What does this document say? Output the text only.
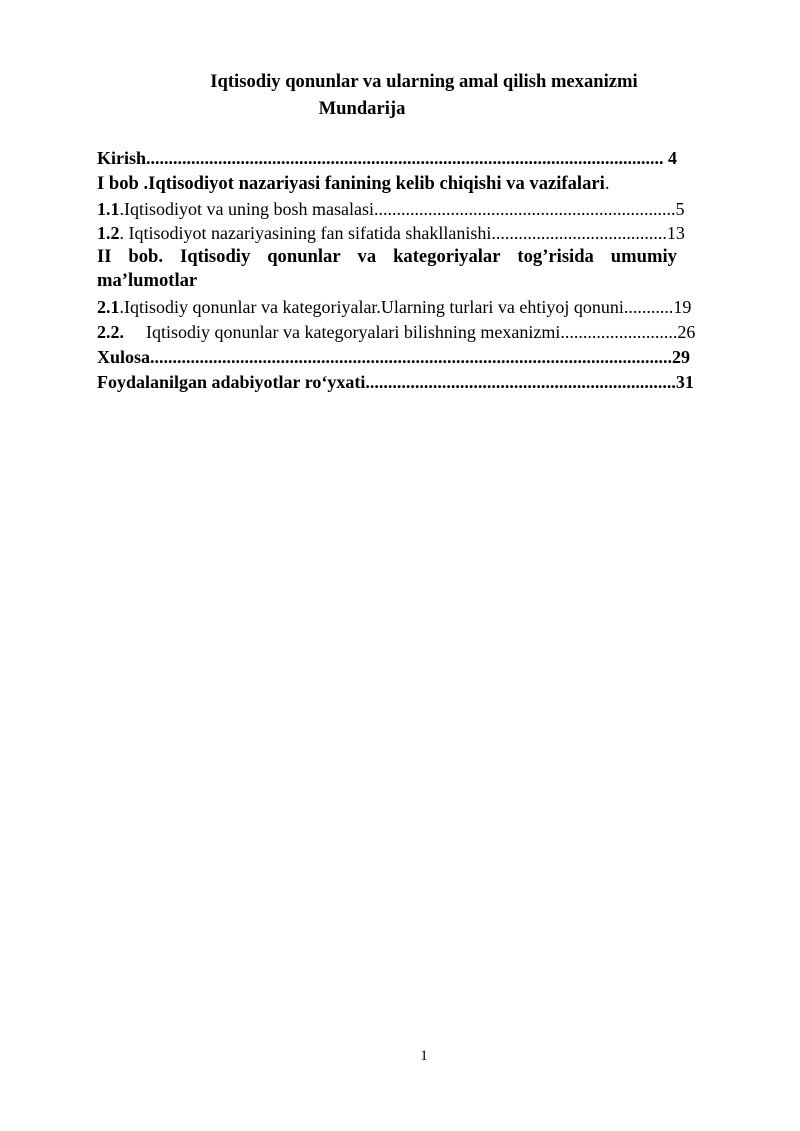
Iqtisodiy qonunlar va ularning amal qilish mexanizmi
Mundarija
Kirish................................................................................................................... 4
I bob .Iqtisodiyot nazariyasi fanining kelib chiqishi va vazifalari.
1.1.Iqtisodiyot va uning bosh masalasi...................................................................5
1.2. Iqtisodiyot nazariyasining fan sifatida shakllanishi.......................................13
II bob. Iqtisodiy qonunlar va kategoriyalar tog’risida umumiy
ma’lumotlar
2.1.Iqtisodiy qonunlar va kategoriyalar.Ularning turlari va ehtiyoj qonuni...........19
2.2. Iqtisodiy qonunlar va kategoryalari bilishning mexanizmi..........................26
Xulosa....................................................................................................................29
Foydalanilgan adabiyotlar ro‘yxati.....................................................................31
1
